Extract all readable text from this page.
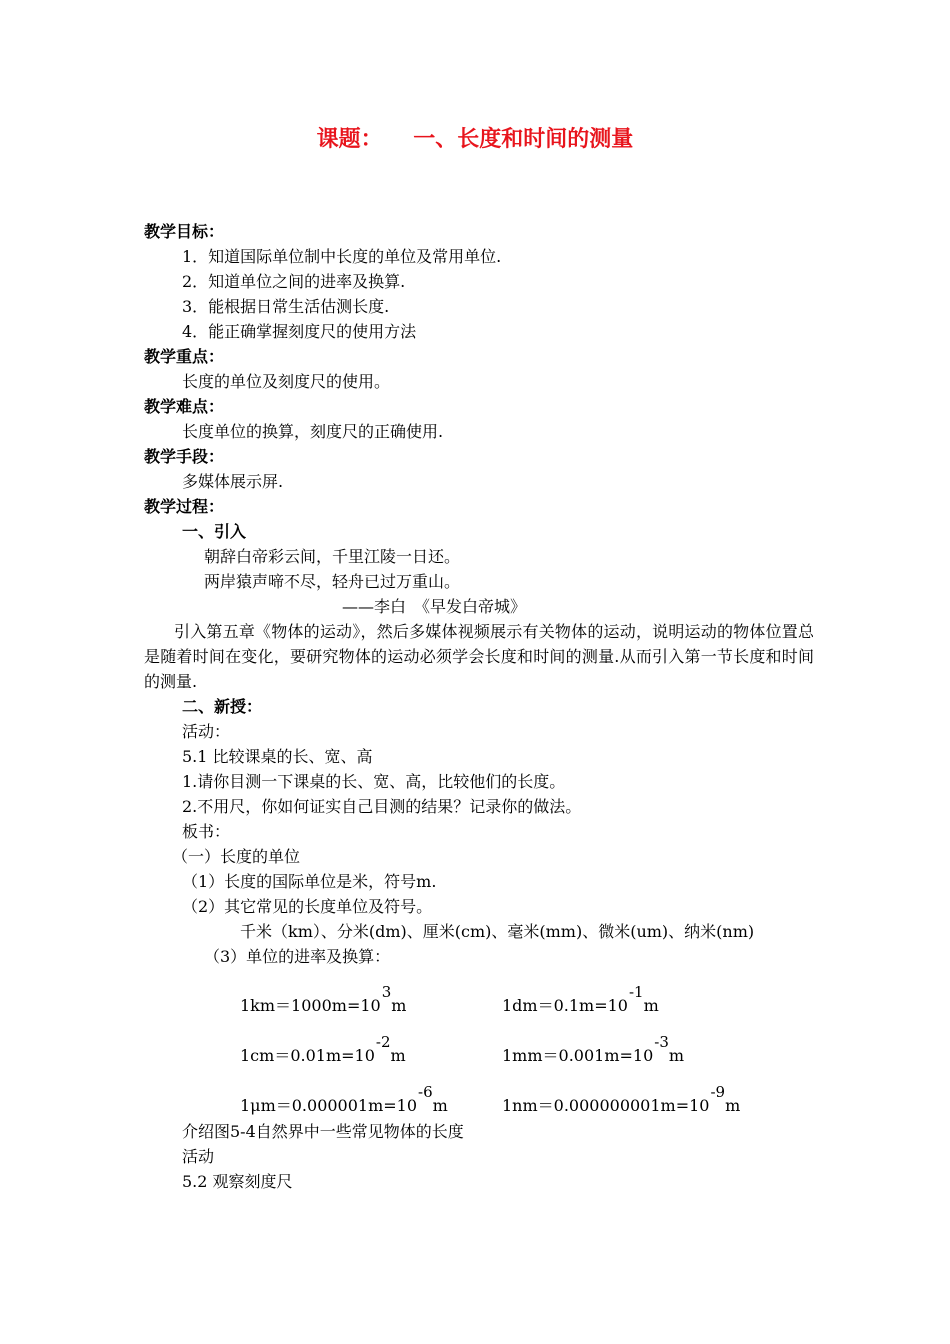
课题：    一、长度和时间的测量
教学目标：
1．知道国际单位制中长度的单位及常用单位.
2．知道单位之间的进率及换算.
3．能根据日常生活估测长度.
4．能正确掌握刻度尺的使用方法
教学重点：
长度的单位及刻度尺的使用。
教学难点：
长度单位的换算，刻度尺的正确使用.
教学手段：
多媒体展示屏.
教学过程：
一、引入
朝辞白帝彩云间，千里江陵一日还。
两岸猿声啼不尽，轻舟已过万重山。
——李白　《早发白帝城》
引入第五章《物体的运动》，然后多媒体视频展示有关物体的运动，说明运动的物体位置总是随着时间在变化，要研究物体的运动必须学会长度和时间的测量.从而引入第一节长度和时间的测量.
二、新授：
活动：
5.1 比较课桌的长、宽、高
1.请你目测一下课桌的长、宽、高，比较他们的长度。
2.不用尺，你如何证实自己目测的结果？记录你的做法。
板书：
（一）长度的单位
（1）长度的国际单位是米，符号m.
（2）其它常见的长度单位及符号。
千米（km）、分米(dm)、厘米(cm)、毫米(mm)、微米(um)、纳米(nm)
（3）单位的进率及换算：
1km＝1000m=103m	1dm＝0.1m=10-1m
1cm＝0.01m=10-2m	1mm＝0.001m=10-3m
1μm＝0.000001m=10-6m	1nm＝0.000000001m=10-9m
介绍图5-4自然界中一些常见物体的长度
活动
5.2 观察刻度尺
